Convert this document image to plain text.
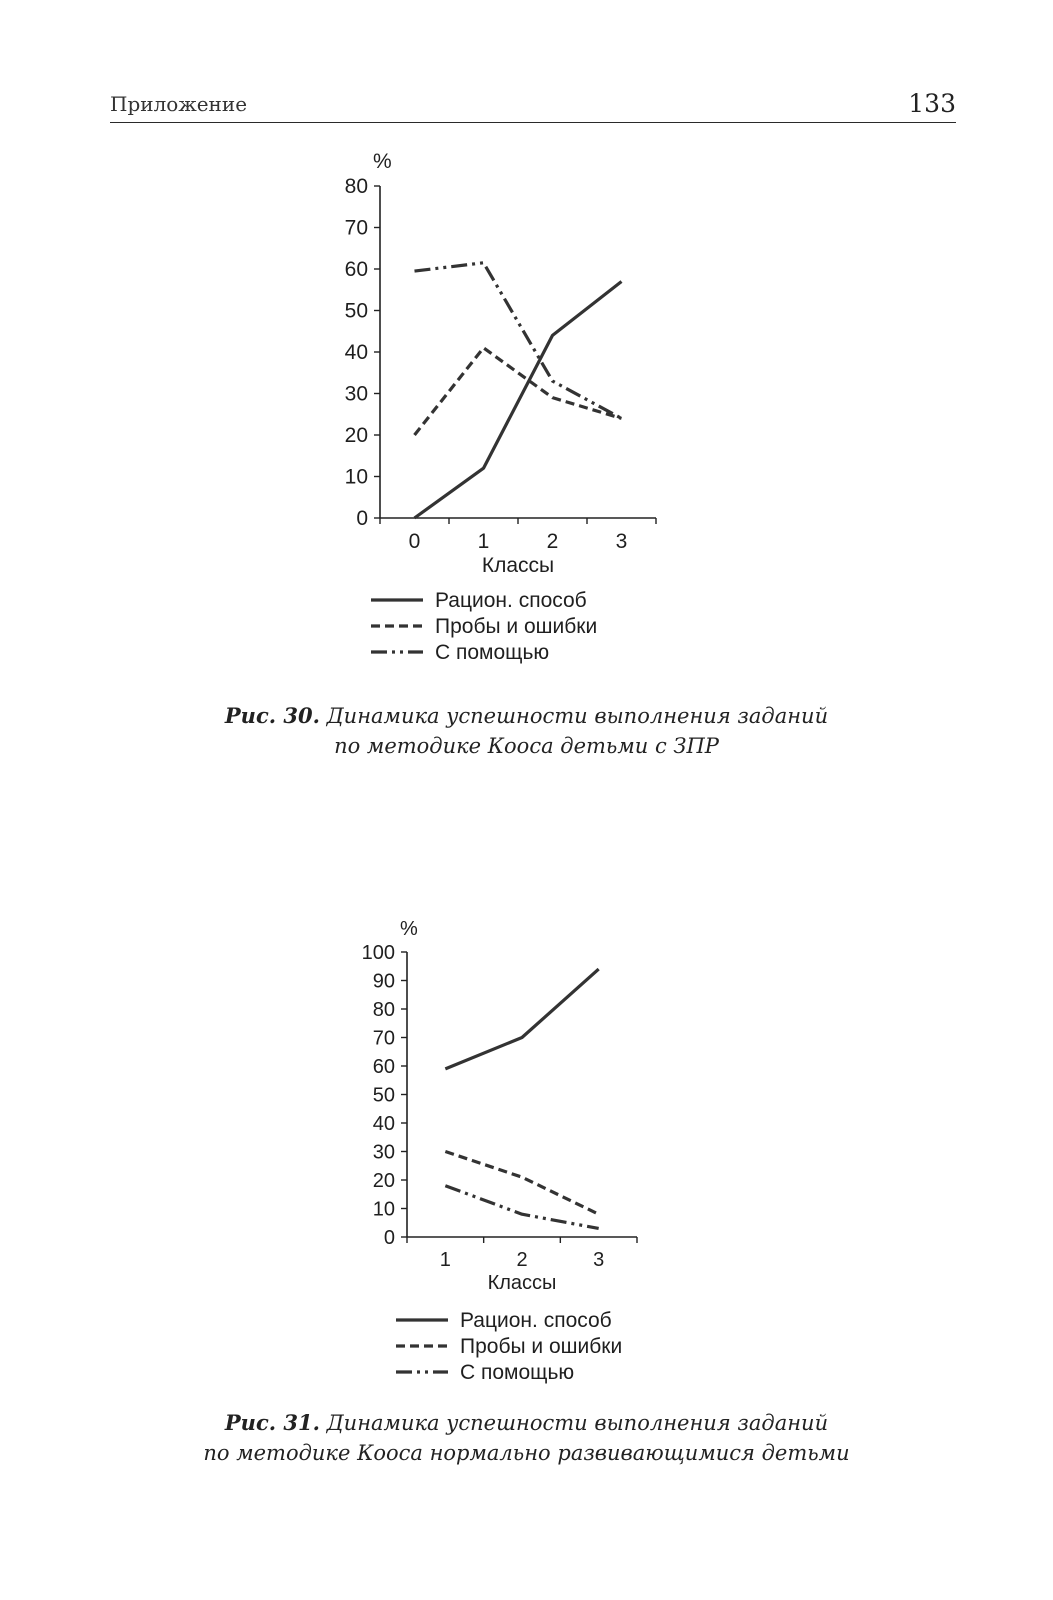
Приложение	133
0
10
20
30
40
50
60
70
80
0	1	2	3
%
Классы
Рацион. способ
Пробы и ошибки
С помощью
Рис. 30. Динамика успешности выполнения заданий
по методике Кооса детьми с ЗПР
0
10
20
30
40
50
60
70
80
90
100
1	2	3
%
Классы
Рацион. способ
Пробы и ошибки
С помощью
Рис. 31. Динамика успешности выполнения заданий
по методике Кооса нормально развивающимися детьми
